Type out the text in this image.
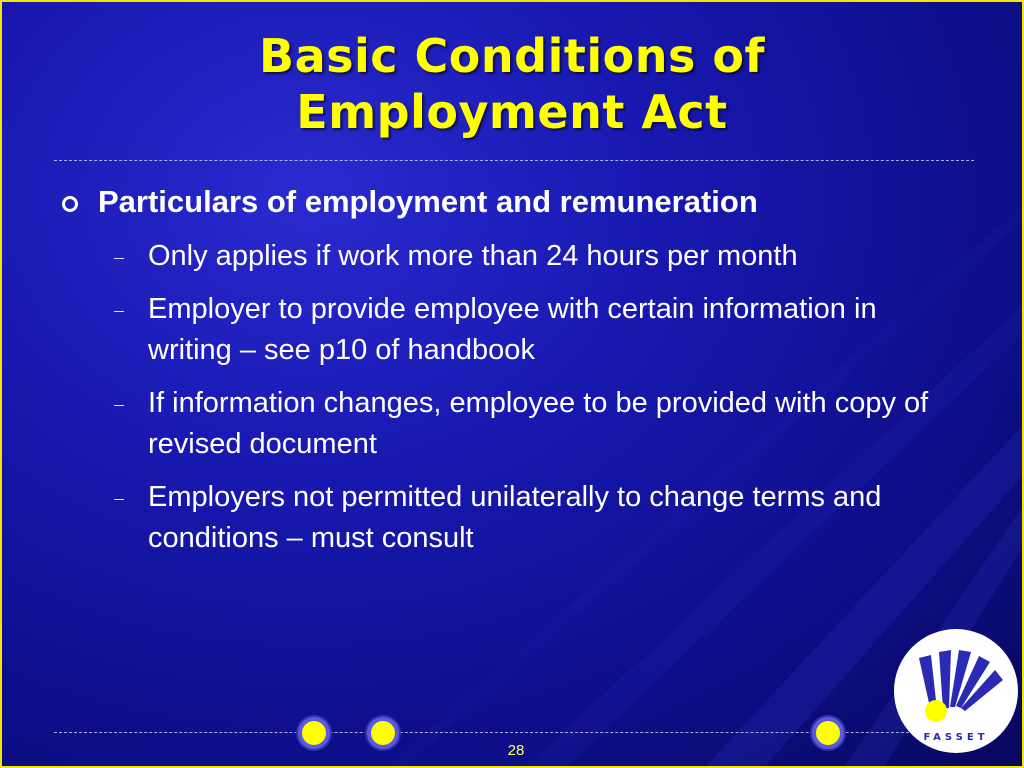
Basic Conditions of
Employment Act
Particulars of employment and remuneration
Only applies if work more than 24 hours per month
Employer to provide employee with certain information in writing – see p10 of handbook
If information changes, employee to be provided with copy of revised document
Employers not permitted unilaterally to change terms and conditions – must consult
28
FASSET
